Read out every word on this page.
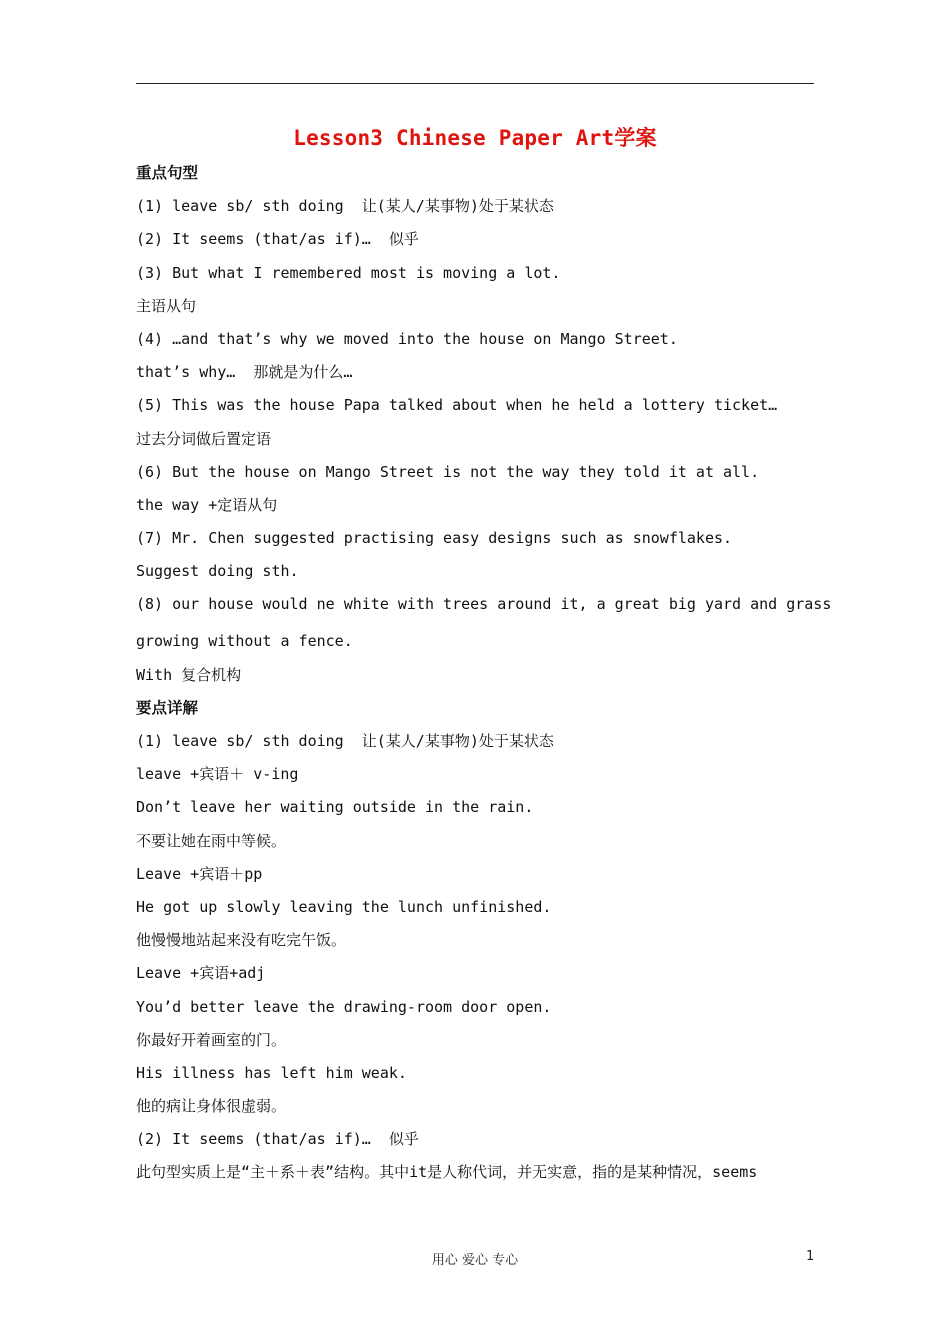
Lesson3 Chinese Paper Art学案
重点句型
(1) leave sb/ sth doing  让(某人/某事物)处于某状态
(2) It seems (that/as if)…  似乎
(3) But what I remembered most is moving a lot.
主语从句
(4) …and that’s why we moved into the house on Mango Street.
that’s why…  那就是为什么…
(5) This was the house Papa talked about when he held a lottery ticket…
过去分词做后置定语
(6) But the house on Mango Street is not the way they told it at all.
the way +定语从句
(7) Mr. Chen suggested practising easy designs such as snowflakes.
Suggest doing sth.
(8) our house would ne white with trees around it, a great big yard and grass
growing without a fence.
With 复合机构
要点详解
(1) leave sb/ sth doing  让(某人/某事物)处于某状态
leave +宾语＋ v-ing
Don’t leave her waiting outside in the rain.
不要让她在雨中等候。
Leave +宾语＋pp
He got up slowly leaving the lunch unfinished.
他慢慢地站起来没有吃完午饭。
Leave +宾语+adj
You’d better leave the drawing-room door open.
你最好开着画室的门。
His illness has left him weak.
他的病让身体很虚弱。
(2) It seems (that/as if)…  似乎
此句型实质上是“主＋系＋表”结构。其中it是人称代词，并无实意，指的是某种情况，seems
用心 爱心 专心	1
